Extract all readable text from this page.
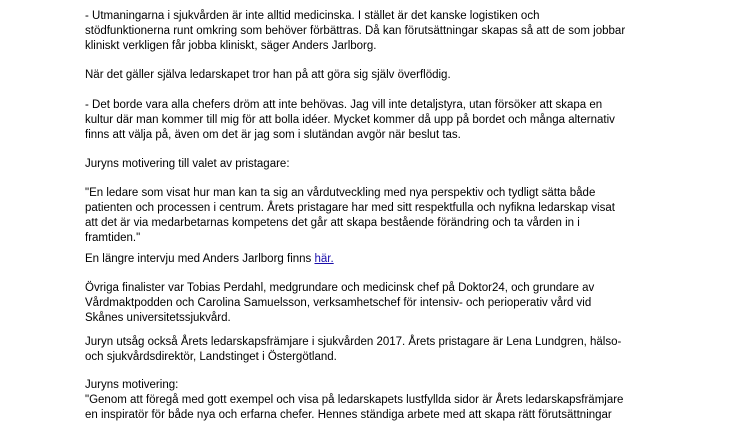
- Utmaningarna i sjukvården är inte alltid medicinska. I stället är det kanske logistiken och

stödfunktionerna runt omkring som behöver förbättras. Då kan förutsättningar skapas så att de som jobbar

kliniskt verkligen får jobba kliniskt, säger Anders Jarlborg.

När det gäller själva ledarskapet tror han på att göra sig själv överflödig.

- Det borde vara alla chefers dröm att inte behövas. Jag vill inte detaljstyra, utan försöker att skapa en

kultur där man kommer till mig för att bolla idéer. Mycket kommer då upp på bordet och många alternativ

finns att välja på, även om det är jag som i slutändan avgör när beslut tas.

Juryns motivering till valet av pristagare:

"En ledare som visat hur man kan ta sig an vårdutveckling med nya perspektiv och tydligt sätta både

patienten och processen i centrum. Årets pristagare har med sitt respektfulla och nyfikna ledarskap visat

att det är via medarbetarnas kompetens det går att skapa bestående förändring och ta vården in i

framtiden."

En längre intervju med Anders Jarlborg finns här.

Övriga finalister var Tobias Perdahl, medgrundare och medicinsk chef på Doktor24, och grundare av

Vårdmaktpodden och Carolina Samuelsson, verksamhetschef för intensiv- och perioperativ vård vid

Skånes universitetssjukvård.

Juryn utsåg också Årets ledarskapsfrämjare i sjukvården 2017. Årets pristagare är Lena Lundgren, hälso-

och sjukvårdsdirektör, Landstinget i Östergötland.

Juryns motivering:

"Genom att föregå med gott exempel och visa på ledarskapets lustfyllda sidor är Årets ledarskapsfrämjare

en inspiratör för både nya och erfarna chefer. Hennes ständiga arbete med att skapa rätt förutsättningar
